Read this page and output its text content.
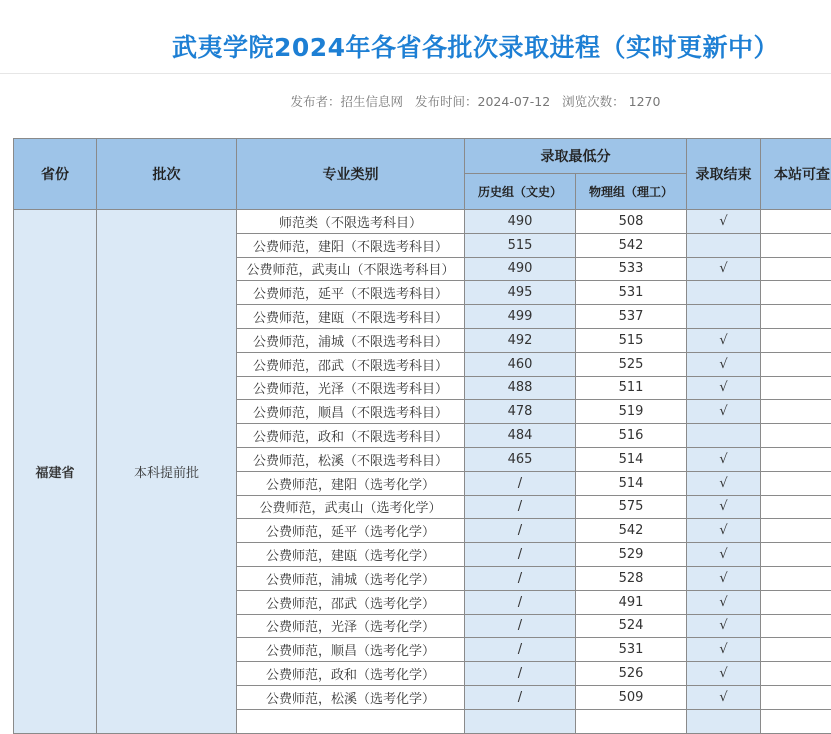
武夷学院2024年各省各批次录取进程（实时更新中）
发布者：招生信息网 发布时间：2024-07-12 浏览次数： 1270
省份	批次	专业类别	录取最低分		录取结束	本站可查
			历史组（文史）	物理组（理工）		
福建省	本科提前批	师范类（不限选考科目）	490	508	√	
		公费师范，建阳（不限选考科目）	515	542		
		公费师范，武夷山（不限选考科目）	490	533	√	
		公费师范，延平（不限选考科目）	495	531		
		公费师范，建瓯（不限选考科目）	499	537		
		公费师范，浦城（不限选考科目）	492	515	√	
		公费师范，邵武（不限选考科目）	460	525	√	
		公费师范，光泽（不限选考科目）	488	511	√	
		公费师范，顺昌（不限选考科目）	478	519	√	
		公费师范，政和（不限选考科目）	484	516		
		公费师范，松溪（不限选考科目）	465	514	√	
		公费师范，建阳（选考化学）	/	514	√	
		公费师范，武夷山（选考化学）	/	575	√	
		公费师范，延平（选考化学）	/	542	√	
		公费师范，建瓯（选考化学）	/	529	√	
		公费师范，浦城（选考化学）	/	528	√	
		公费师范，邵武（选考化学）	/	491	√	
		公费师范，光泽（选考化学）	/	524	√	
		公费师范，顺昌（选考化学）	/	531	√	
		公费师范，政和（选考化学）	/	526	√	
		公费师范，松溪（选考化学）	/	509	√	
